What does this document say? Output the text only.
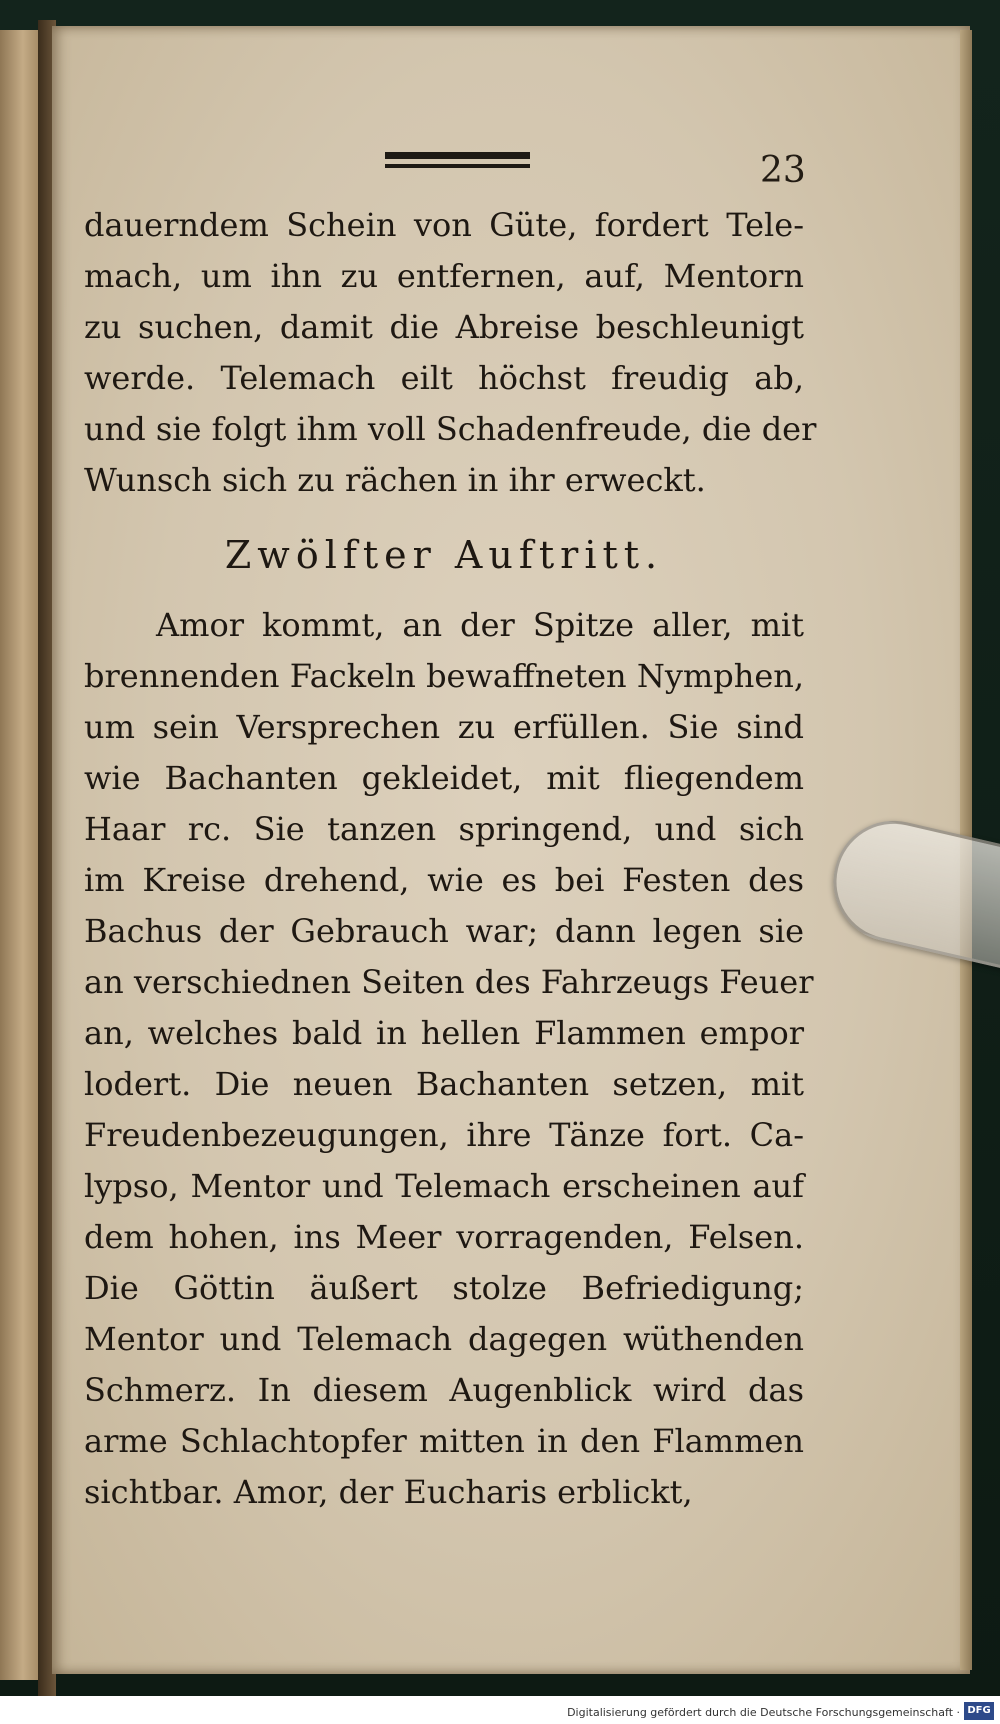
23
dauerndem Schein von Güte, fordert Tele-
mach, um ihn zu entfernen, auf, Mentorn
zu suchen, damit die Abreise beschleunigt
werde. Telemach eilt höchst freudig ab,
und sie folgt ihm voll Schadenfreude, die der
Wunsch sich zu rächen in ihr erweckt.
Zwölfter Auftritt.
Amor kommt, an der Spitze aller, mit
brennenden Fackeln bewaffneten Nymphen,
um sein Versprechen zu erfüllen. Sie sind
wie Bachanten gekleidet, mit fliegendem
Haar rc. Sie tanzen springend, und sich
im Kreise drehend, wie es bei Festen des
Bachus der Gebrauch war; dann legen sie
an verschiednen Seiten des Fahrzeugs Feuer
an, welches bald in hellen Flammen empor
lodert. Die neuen Bachanten setzen, mit
Freudenbezeugungen, ihre Tänze fort. Ca-
lypso, Mentor und Telemach erscheinen auf
dem hohen, ins Meer vorragenden, Felsen.
Die Göttin äußert stolze Befriedigung;
Mentor und Telemach dagegen wüthenden
Schmerz. In diesem Augenblick wird das
arme Schlachtopfer mitten in den Flammen
sichtbar. Amor, der Eucharis erblickt,
Digitalisierung gefördert durch die Deutsche Forschungsgemeinschaft · DFG
